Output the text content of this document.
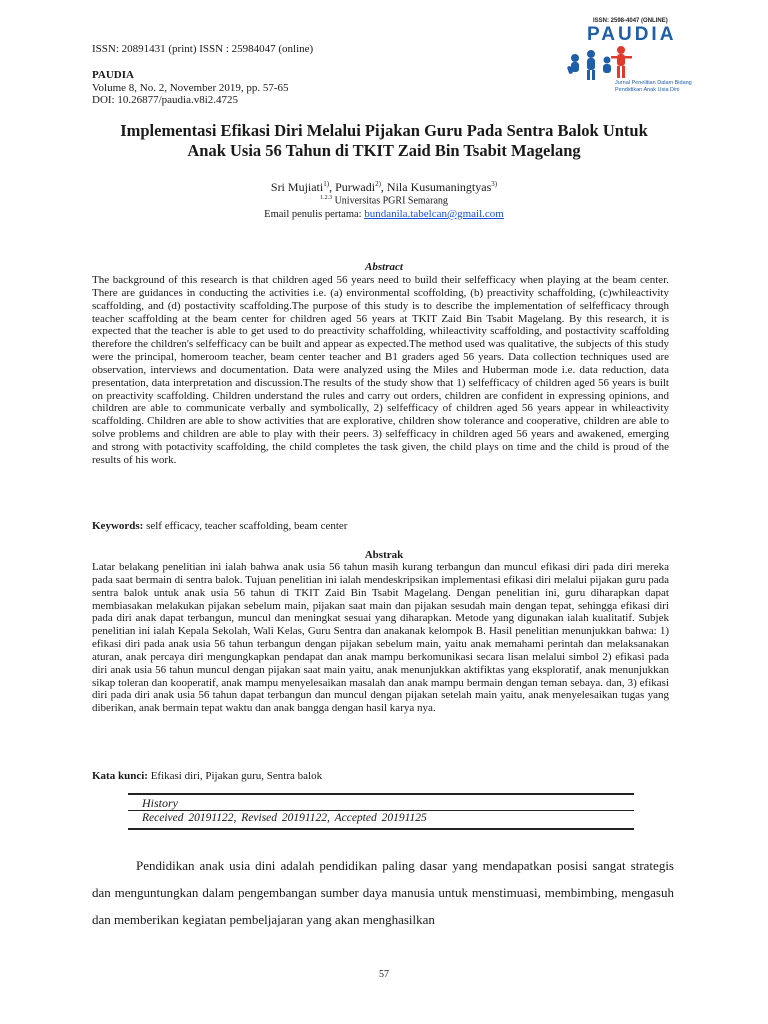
ISSN: 20891431 (print) ISSN : 25984047 (online)
PAUDIA
Volume 8, No. 2, November 2019, pp. 57-65
DOI: 10.26877/paudia.v8i2.4725
ISSN: 2598-4047 (ONLINE)
PAUDIA
Jurnal Penelitian Dalam Bidang
Pendidikan Anak Usia Dini
Implementasi Efikasi Diri Melalui Pijakan Guru Pada Sentra Balok Untuk
Anak Usia 56 Tahun di TKIT Zaid Bin Tsabit Magelang
Sri Mujiati$^{1)}$, Purwadi$^{2)}$, Nila Kusumaningtyas$^{3)}$
$^{1.2.3}$ Universitas PGRI Semarang
Email penulis pertama: bundanila.tabelcan@gmail.com
Abstract
The background of this research is that children aged 56 years need to build their selfefficacy when playing at the beam center. There are guidances in conducting the activities i.e. (a) environmental scoffolding, (b) preactivity schaffolding, (c)whileactivity scaffolding, and (d) postactivity scaffolding.The purpose of this study is to describe the implementation of selfefficacy through teacher scaffolding at the beam center for children aged 56 years at TKIT Zaid Bin Tsabit Magelang. By this research, it is expected that the teacher is able to get used to do preactivity schaffolding, whileactivity scaffolding, and postactivity scaffolding therefore the children's selfefficacy can be built and appear as expected.The method used was qualitative, the subjects of this study were the principal, homeroom teacher, beam center teacher and B1 graders aged 56 years. Data collection techniques used are observation, interviews and documentation. Data were analyzed using the Miles and Huberman mode i.e. data reduction, data presentation, data interpretation and discussion.The results of the study show that 1) selfefficacy of children aged 56 years is built on preactivity scaffolding. Children understand the rules and carry out orders, children are confident in expressing opinions, and children are able to communicate verbally and symbolically, 2) selfefficacy of children aged 56 years appear in whileactivity scaffolding. Children are able to show activities that are explorative, children show tolerance and cooperative, children are able to solve problems and children are able to play with their peers. 3) selfefficacy in children aged 56 years and awakened, emerging and strong with potactivity scaffolding, the child completes the task given, the child plays on time and the child is proud of the results of his work.
Keywords: self efficacy, teacher scaffolding, beam center
Abstrak
Latar belakang penelitian ini ialah bahwa anak usia 56 tahun masih kurang terbangun dan muncul efikasi diri pada diri mereka pada saat bermain di sentra balok. Tujuan penelitian ini ialah mendeskripsikan implementasi efikasi diri melalui pijakan guru pada sentra balok untuk anak usia 56 tahun di TKIT Zaid Bin Tsabit Magelang. Dengan penelitian ini, guru diharapkan dapat membiasakan melakukan pijakan sebelum main, pijakan saat main dan pijakan sesudah main dengan tepat, sehingga efikasi diri pada diri anak dapat terbangun, muncul dan meningkat sesuai yang diharapkan. Metode yang digunakan ialah kualitatif. Subjek penelitian ini ialah Kepala Sekolah, Wali Kelas, Guru Sentra dan anakanak kelompok B. Hasil penelitian menunjukkan bahwa: 1) efikasi diri pada anak usia 56 tahun terbangun dengan pijakan sebelum main, yaitu anak memahami perintah dan melaksanakan aturan, anak percaya diri mengungkapkan pendapat dan anak mampu berkomunikasi secara lisan melalui simbol 2) efikasi pada diri anak usia 56 tahun muncul dengan pijakan saat main yaitu, anak menunjukkan aktifiktas yang eksploratif, anak menunjukkan sikap toleran dan kooperatif, anak mampu menyelesaikan masalah dan anak mampu bermain dengan teman sebaya. dan, 3) efikasi diri pada diri anak usia 56 tahun dapat terbangun dan muncul dengan pijakan setelah main yaitu, anak menyelesaikan tugas yang diberikan, anak bermain tepat waktu dan anak bangga dengan hasil karya nya.
Kata kunci: Efikasi diri, Pijakan guru, Sentra balok
History
Received 20191122, Revised 20191122, Accepted 20191125
Pendidikan anak usia dini adalah pendidikan paling dasar yang mendapatkan posisi sangat strategis dan menguntungkan dalam pengembangan sumber daya manusia untuk menstimuasi, membimbing, mengasuh dan memberikan kegiatan pembeljajaran yang akan menghasilkan
57
